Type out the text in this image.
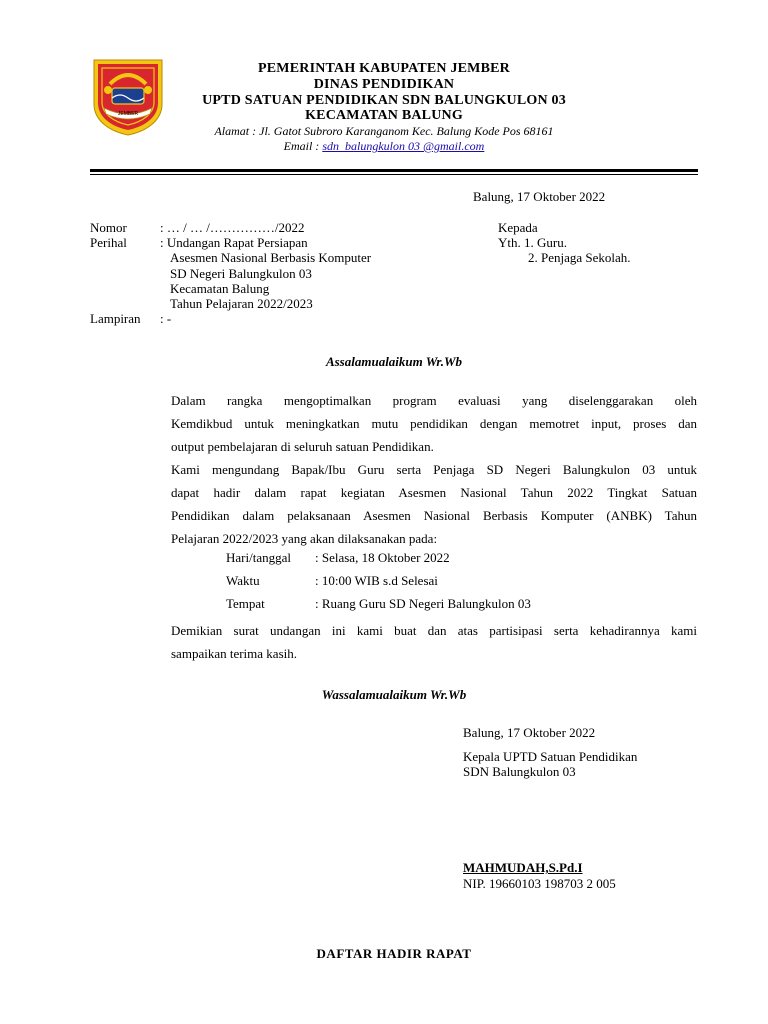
JEMBER
PEMERINTAH KABUPATEN JEMBER
DINAS PENDIDIKAN
UPTD SATUAN PENDIDIKAN SDN BALUNGKULON 03
KECAMATAN BALUNG
Alamat : Jl. Gatot Subroro Karanganom Kec. Balung Kode Pos 68161
Email : sdn_balungkulon 03 @gmail.com
Balung, 17 Oktober 2022
Nomor	: … / … /……………/2022
Perihal	: Undangan Rapat Persiapan
Asesmen Nasional Berbasis Komputer
SD Negeri Balungkulon 03
Kecamatan Balung
Tahun Pelajaran 2022/2023
Lampiran : -
Kepada
Yth. 1. Guru.
2. Penjaga Sekolah.
Assalamualaikum Wr.Wb
Dalam rangka mengoptimalkan program evaluasi yang diselenggarakan oleh
Kemdikbud untuk meningkatkan mutu pendidikan dengan memotret input, proses dan
output pembelajaran di seluruh satuan Pendidikan.
Kami mengundang Bapak/Ibu Guru serta Penjaga SD Negeri Balungkulon 03 untuk
dapat hadir dalam rapat kegiatan Asesmen Nasional Tahun 2022 Tingkat Satuan
Pendidikan dalam pelaksanaan Asesmen Nasional Berbasis Komputer (ANBK) Tahun
Pelajaran 2022/2023 yang akan dilaksanakan pada:
Hari/tanggal : Selasa, 18 Oktober 2022
Waktu	: 10:00 WIB s.d Selesai
Tempat	: Ruang Guru SD Negeri Balungkulon 03
Demikian surat undangan ini kami buat dan atas partisipasi serta kehadirannya kami
sampaikan terima kasih.
Wassalamualaikum Wr.Wb
Balung, 17 Oktober 2022
Kepala UPTD Satuan Pendidikan
SDN Balungkulon 03
MAHMUDAH,S.Pd.I
NIP. 19660103 198703 2 005
DAFTAR HADIR RAPAT
